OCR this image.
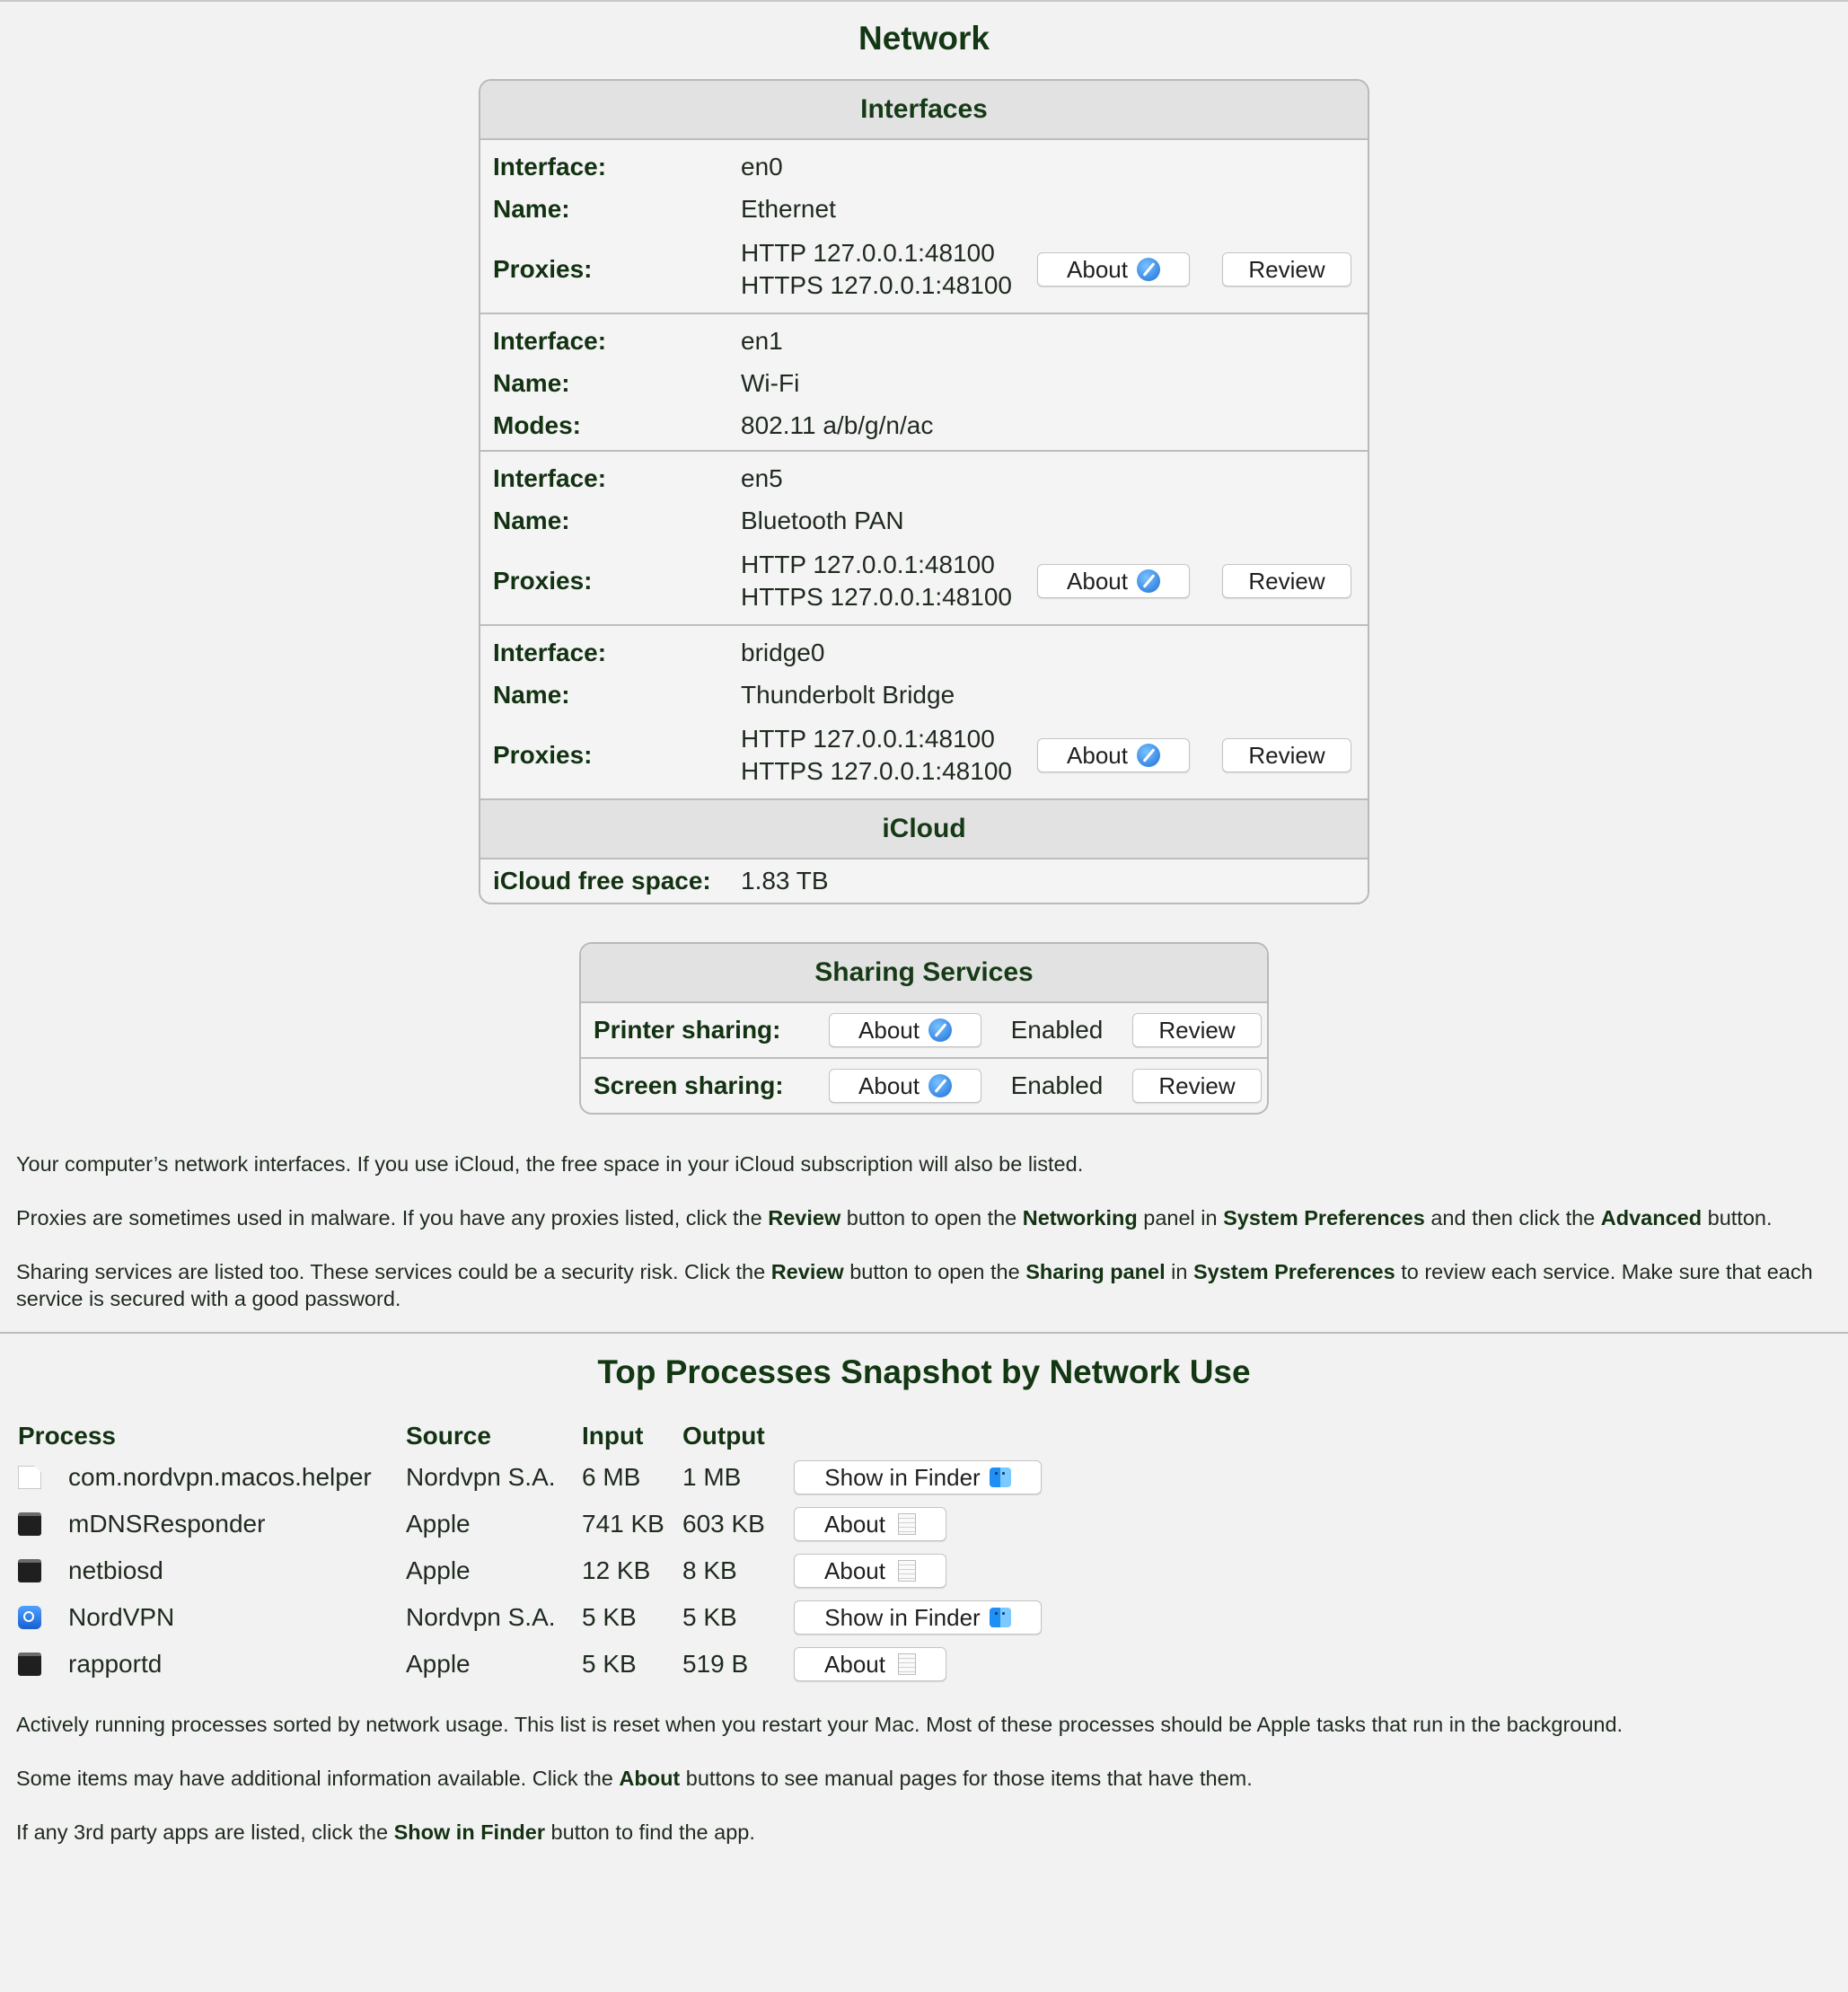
Network
Interfaces
Interface:	en0
Name:	Ethernet
Proxies:
HTTP 127.0.0.1:48100
HTTPS 127.0.0.1:48100
About	Review
Interface:	en1
Name:	Wi-Fi
Modes:	802.11 a/b/g/n/ac
Interface:	en5
Name:	Bluetooth PAN
Proxies:
HTTP 127.0.0.1:48100
HTTPS 127.0.0.1:48100
About	Review
Interface:	bridge0
Name:	Thunderbolt Bridge
Proxies:
HTTP 127.0.0.1:48100
HTTPS 127.0.0.1:48100
About	Review
iCloud
iCloud free space:	1.83 TB
Sharing Services
Printer sharing:	About	Enabled	Review
Screen sharing:	About	Enabled	Review

Your computer’s network interfaces. If you use iCloud, the free space in your iCloud subscription will also be listed.

Proxies are sometimes used in malware. If you have any proxies listed, click the Review button to open the Networking panel in System Preferences and then click the Advanced button.

Sharing services are listed too. These services could be a security risk. Click the Review button to open the Sharing panel in System Preferences to review each service. Make sure that each service is secured with a good password.

Top Processes Snapshot by Network Use
Process	Source	Input	Output	

com.nordvpn.macos.helper	Nordvpn S.A.	6 MB	1 MB	Show in Finder

mDNSResponder	Apple	741 KB	603 KB	About

netbiosd	Apple	12 KB	8 KB	About

NordVPN	Nordvpn S.A.	5 KB	5 KB	Show in Finder

rapportd	Apple	5 KB	519 B	About

Actively running processes sorted by network usage. This list is reset when you restart your Mac. Most of these processes should be Apple tasks that run in the background.

Some items may have additional information available. Click the About buttons to see manual pages for those items that have them.

If any 3rd party apps are listed, click the Show in Finder button to find the app.
